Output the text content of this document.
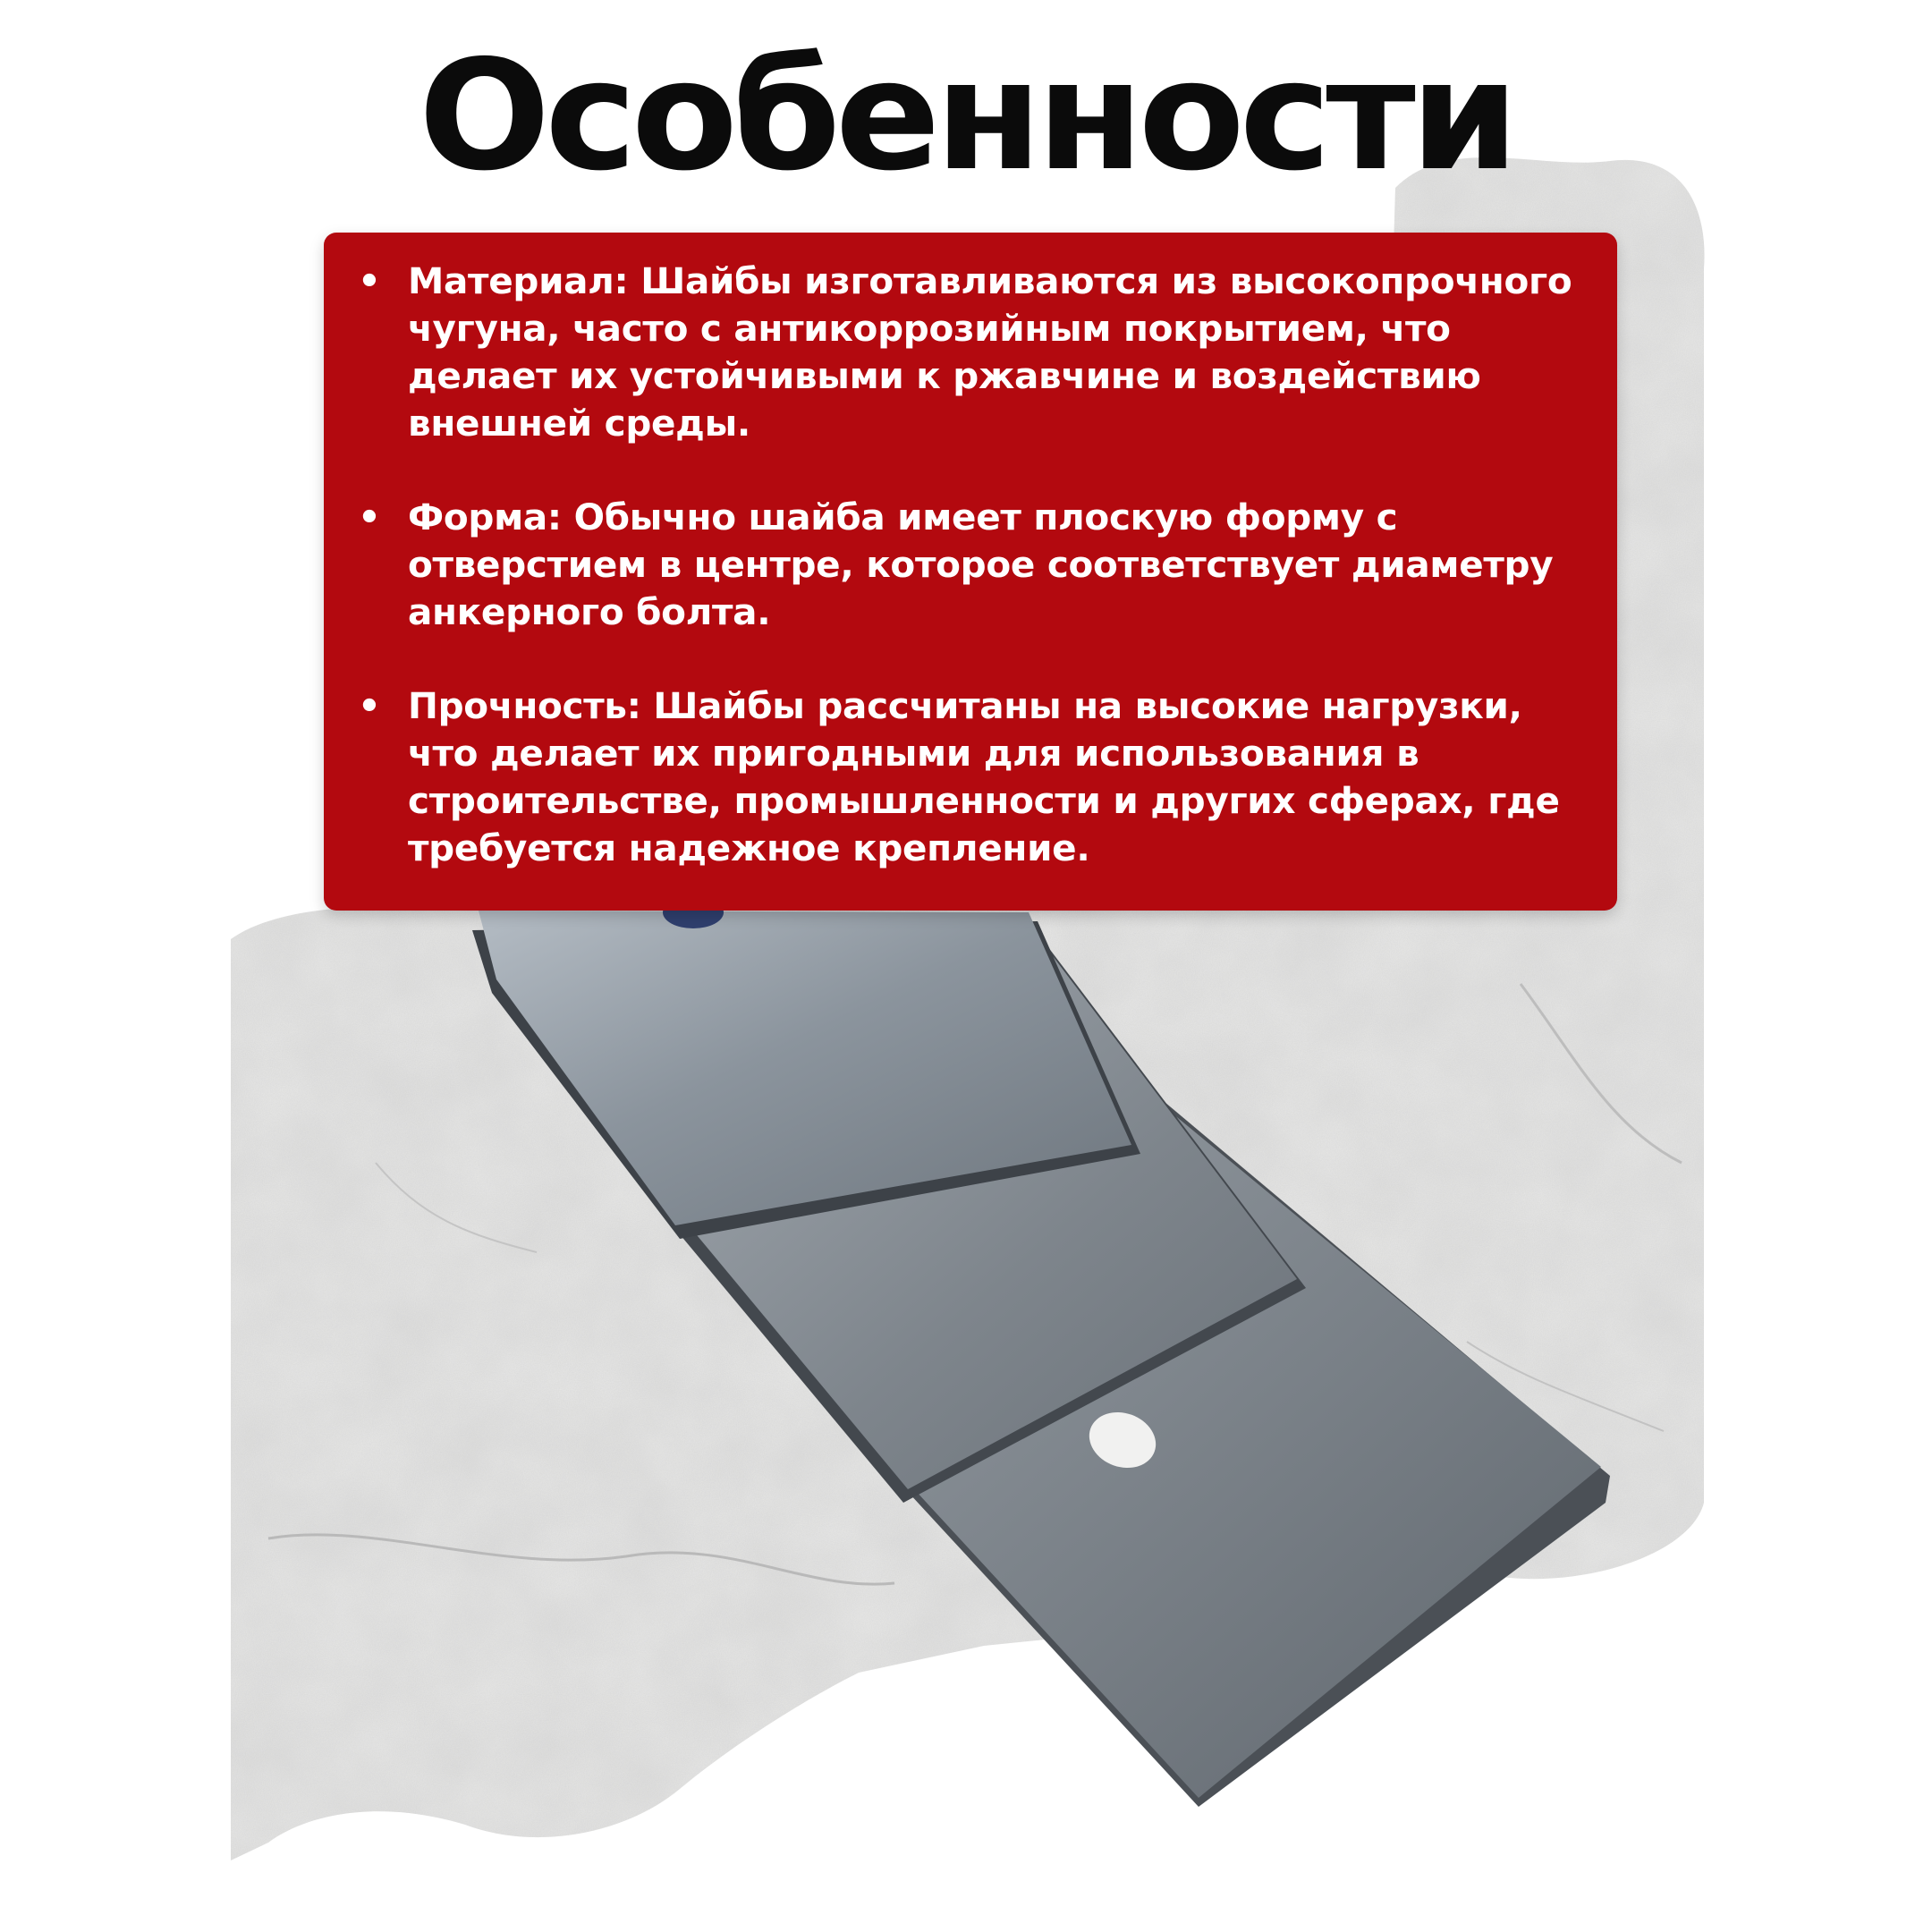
Особенности
• Материал: Шайбы изготавливаются из высокопрочного чугуна, часто с антикоррозийным покрытием, что делает их устойчивыми к ржавчине и воздействию внешней среды.
• Форма: Обычно шайба имеет плоскую форму с отверстием в центре, которое соответствует диаметру анкерного болта.
• Прочность: Шайбы рассчитаны на высокие нагрузки, что делает их пригодными для использования в строительстве, промышленности и других сферах, где требуется надежное крепление.
